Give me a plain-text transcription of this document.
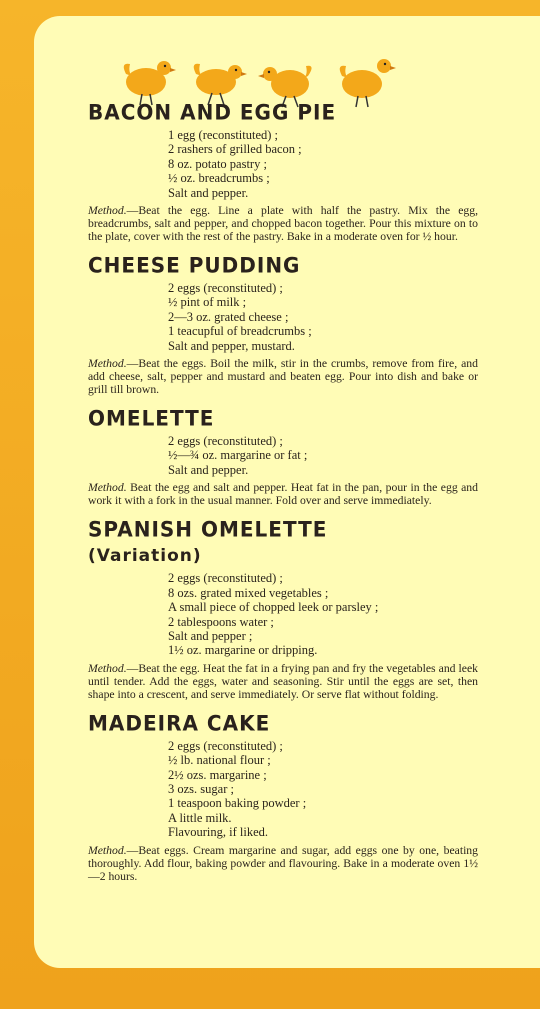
BACON AND EGG PIE
1 egg (reconstituted) ;
2 rashers of grilled bacon ;
8 oz. potato pastry ;
½ oz. breadcrumbs ;
Salt and pepper.

Method.—Beat the egg. Line a plate with half the pastry. Mix the egg, breadcrumbs, salt and pepper, and chopped bacon together. Pour this mixture on to the plate, cover with the rest of the pastry. Bake in a moderate oven for ½ hour.

CHEESE PUDDING
2 eggs (reconstituted) ;
½ pint of milk ;
2—3 oz. grated cheese ;
1 teacupful of breadcrumbs ;
Salt and pepper, mustard.

Method.—Beat the eggs. Boil the milk, stir in the crumbs, remove from fire, and add cheese, salt, pepper and mustard and beaten egg. Pour into dish and bake or grill till brown.

OMELETTE
2 eggs (reconstituted) ;
½—¾ oz. margarine or fat ;
Salt and pepper.

Method. Beat the egg and salt and pepper. Heat fat in the pan, pour in the egg and work it with a fork in the usual manner. Fold over and serve immediately.

SPANISH OMELETTE
(Variation)
2 eggs (reconstituted) ;
8 ozs. grated mixed vegetables ;
A small piece of chopped leek or parsley ;
2 tablespoons water ;
Salt and pepper ;
1½ oz. margarine or dripping.

Method.—Beat the egg. Heat the fat in a frying pan and fry the vegetables and leek until tender. Add the eggs, water and seasoning. Stir until the eggs are set, then shape into a crescent, and serve immediately. Or serve flat without folding.

MADEIRA CAKE
2 eggs (reconstituted) ;
½ lb. national flour ;
2½ ozs. margarine ;
3 ozs. sugar ;
1 teaspoon baking powder ;
A little milk.
Flavouring, if liked.

Method.—Beat eggs. Cream margarine and sugar, add eggs one by one, beating thoroughly. Add flour, baking powder and flavouring. Bake in a moderate oven 1½—2 hours.
